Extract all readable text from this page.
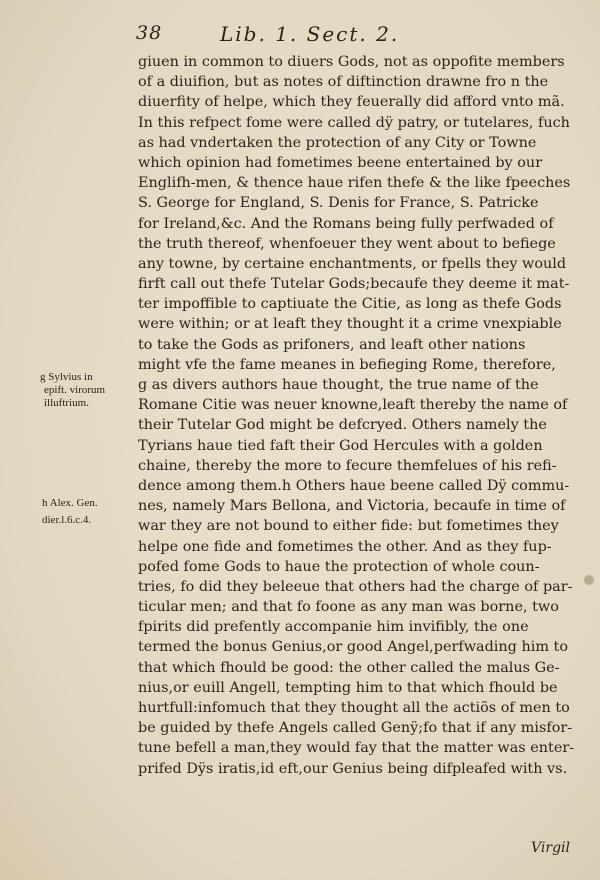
38	Lib. 1. Sect. 2.
g Sylvius in
epift. virorum
illuftrium.
h Alex. Gen.
dier.l.6.c.4.
giuen in common to diuers Gods, not as oppofite members
of a diuifion, but as notes of diftinction drawne fro n the
diuerfity of helpe, which they feuerally did afford vnto mã.
In this refpect fome were called dÿ patry, or tutelares, fuch
as had vndertaken the protection of any City or Towne
which opinion had fometimes beene entertained by our
Englifh-men, & thence haue rifen thefe & the like fpeeches
S. George for England, S. Denis for France, S. Patricke
for Ireland,&c. And the Romans being fully perfwaded of
the truth thereof, whenfoeuer they went about to befiege
any towne, by certaine enchantments, or fpells they would
firft call out thefe Tutelar Gods;becaufe they deeme it mat-
ter impoffible to captiuate the Citie, as long as thefe Gods
were within; or at leaft they thought it a crime vnexpiable
to take the Gods as prifoners, and leaft other nations
might vfe the fame meanes in befieging Rome, therefore,
g as divers authors haue thought, the true name of the
Romane Citie was neuer knowne,leaft thereby the name of
their Tutelar God might be defcryed. Others namely the
Tyrians haue tied faft their God Hercules with a golden
chaine, thereby the more to fecure themfelues of his refi-
dence among them.h Others haue beene called Dÿ commu-
nes, namely Mars Bellona, and Victoria, becaufe in time of
war they are not bound to either fide: but fometimes they
helpe one fide and fometimes the other. And as they fup-
pofed fome Gods to haue the protection of whole coun-
tries, fo did they beleeue that others had the charge of par-
ticular men; and that fo foone as any man was borne, two
fpirits did prefently accompanie him invifibly, the one
termed the bonus Genius,or good Angel,perfwading him to
that which fhould be good: the other called the malus Ge-
nius,or euill Angell, tempting him to that which fhould be
hurtfull:infomuch that they thought all the actiõs of men to
be guided by thefe Angels called Genÿ;fo that if any misfor-
tune befell a man,they would fay that the matter was enter-
prifed Dÿs iratis,id eft,our Genius being difpleafed with vs.
Virgil
